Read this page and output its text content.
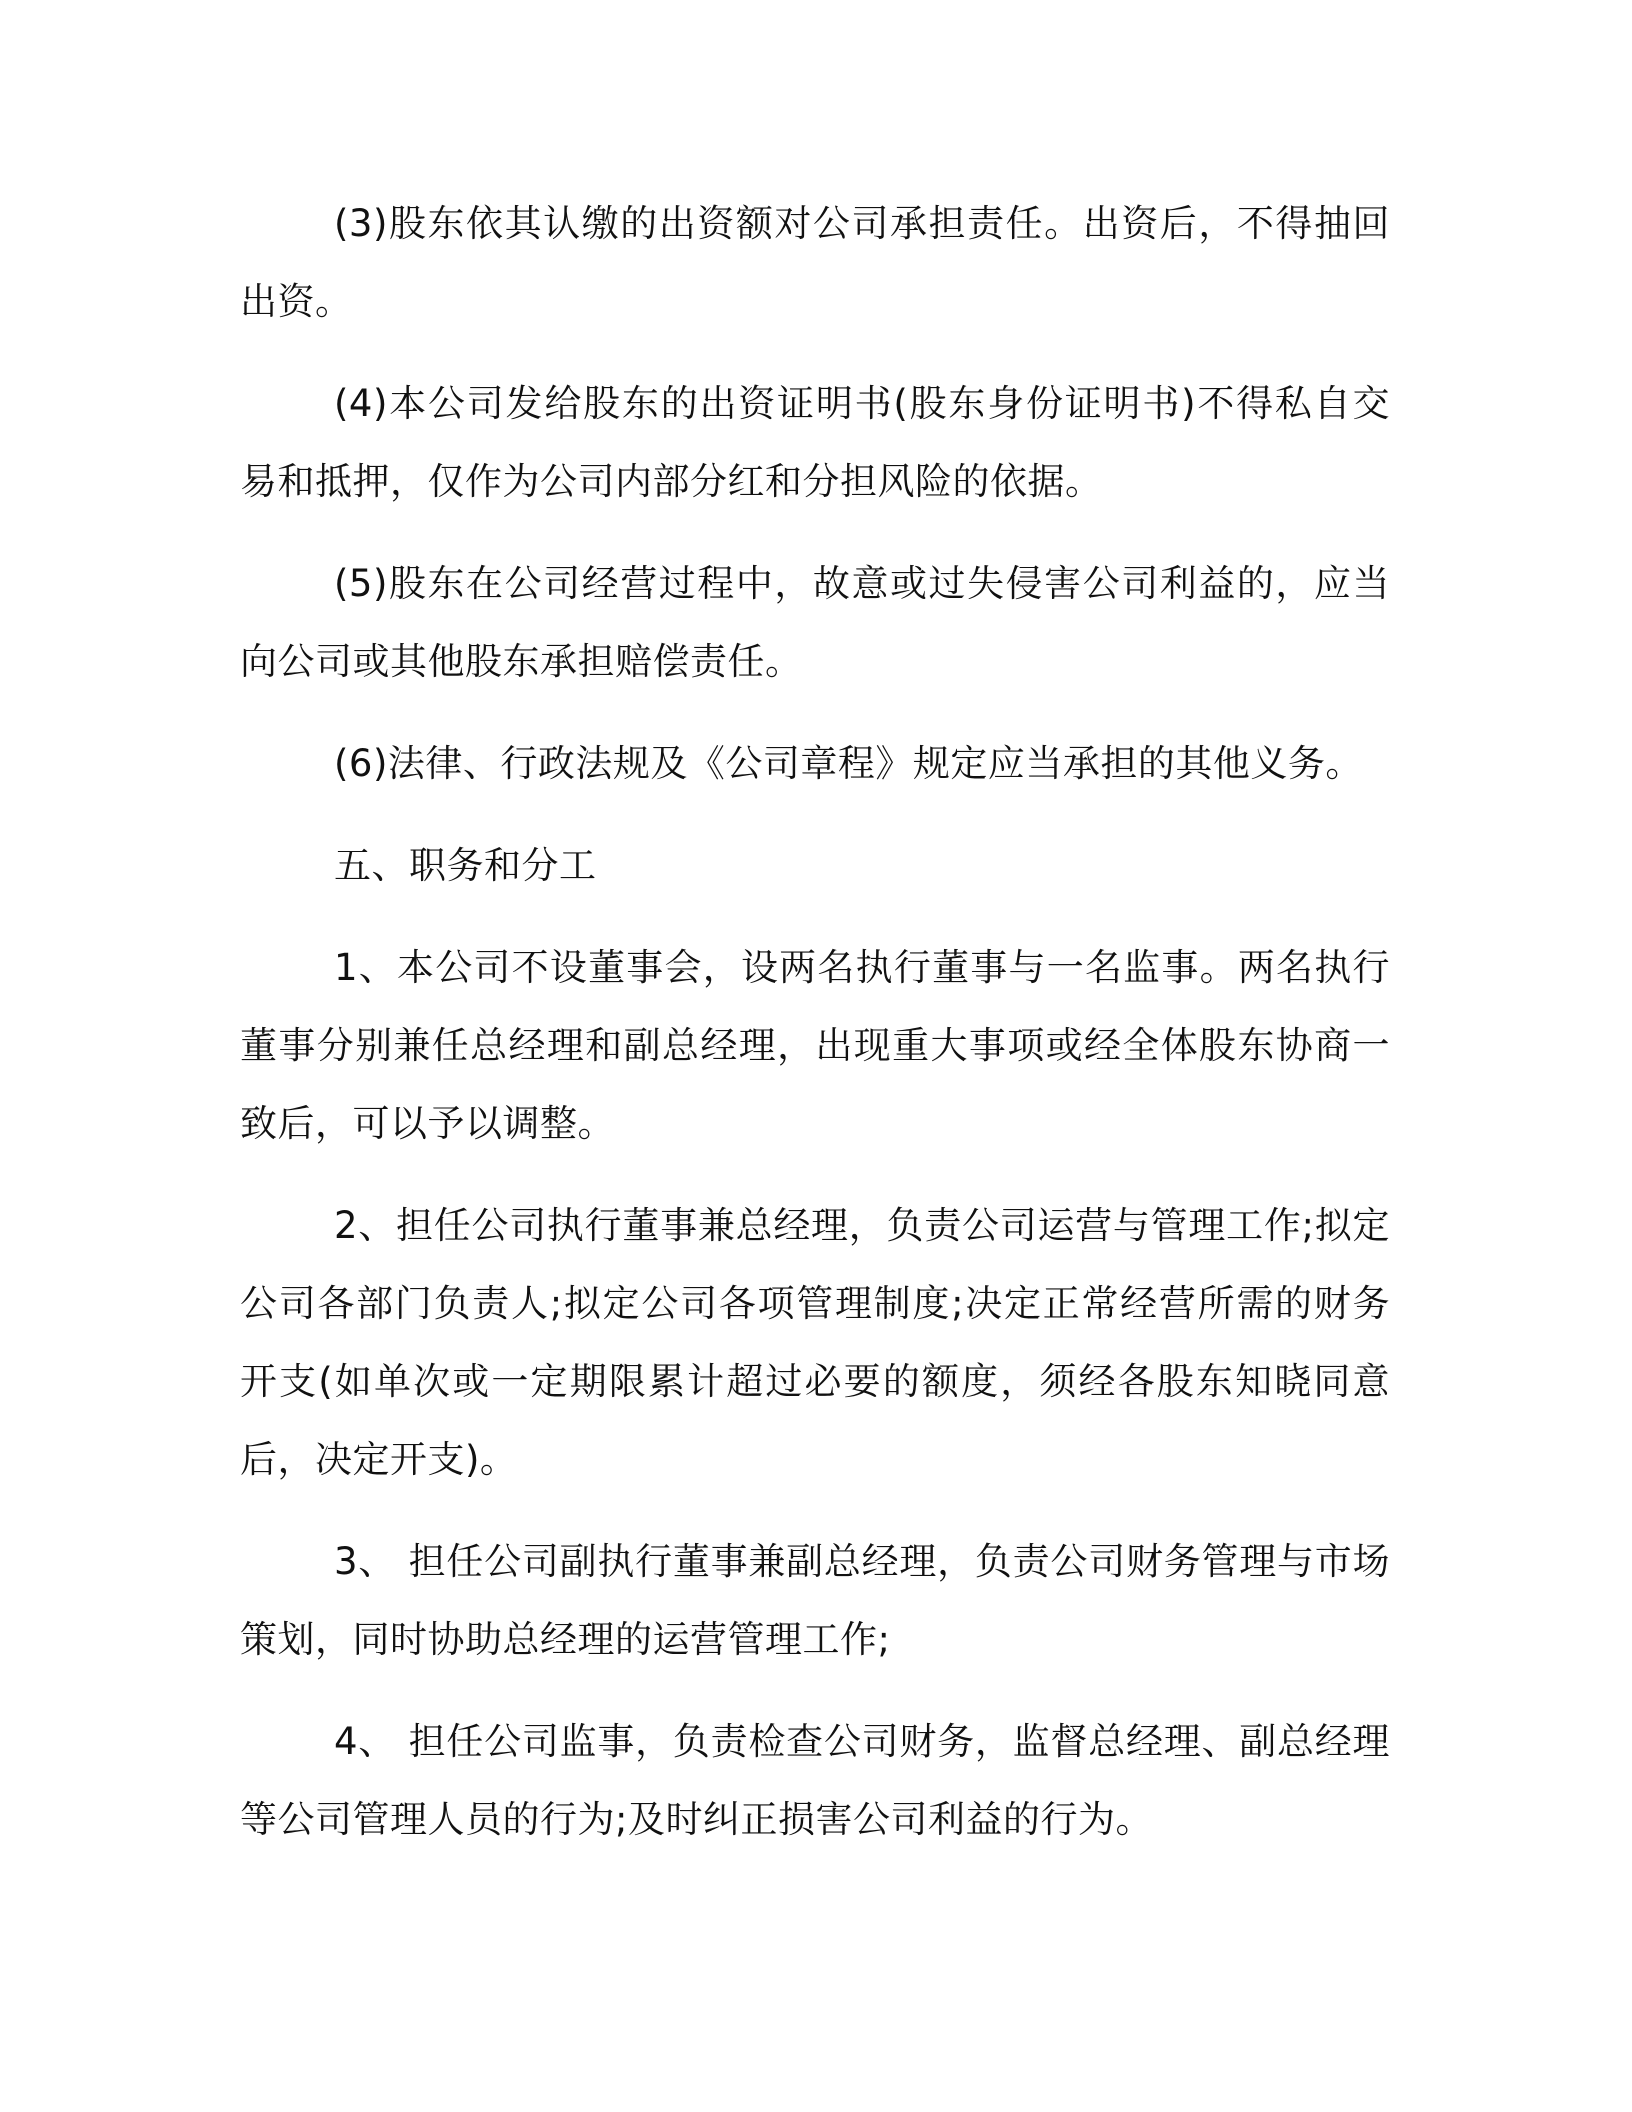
(3)股东依其认缴的出资额对公司承担责任。出资后，不得抽回出资。

(4)本公司发给股东的出资证明书(股东身份证明书)不得私自交易和抵押，仅作为公司内部分红和分担风险的依据。

(5)股东在公司经营过程中，故意或过失侵害公司利益的，应当向公司或其他股东承担赔偿责任。

(6)法律、行政法规及《公司章程》规定应当承担的其他义务。

五、职务和分工

1、本公司不设董事会，设两名执行董事与一名监事。两名执行董事分别兼任总经理和副总经理，出现重大事项或经全体股东协商一致后，可以予以调整。

2、担任公司执行董事兼总经理，负责公司运营与管理工作;拟定公司各部门负责人;拟定公司各项管理制度;决定正常经营所需的财务开支(如单次或一定期限累计超过必要的额度，须经各股东知晓同意后，决定开支)。

3、 担任公司副执行董事兼副总经理，负责公司财务管理与市场策划，同时协助总经理的运营管理工作;

4、 担任公司监事，负责检查公司财务，监督总经理、副总经理等公司管理人员的行为;及时纠正损害公司利益的行为。
